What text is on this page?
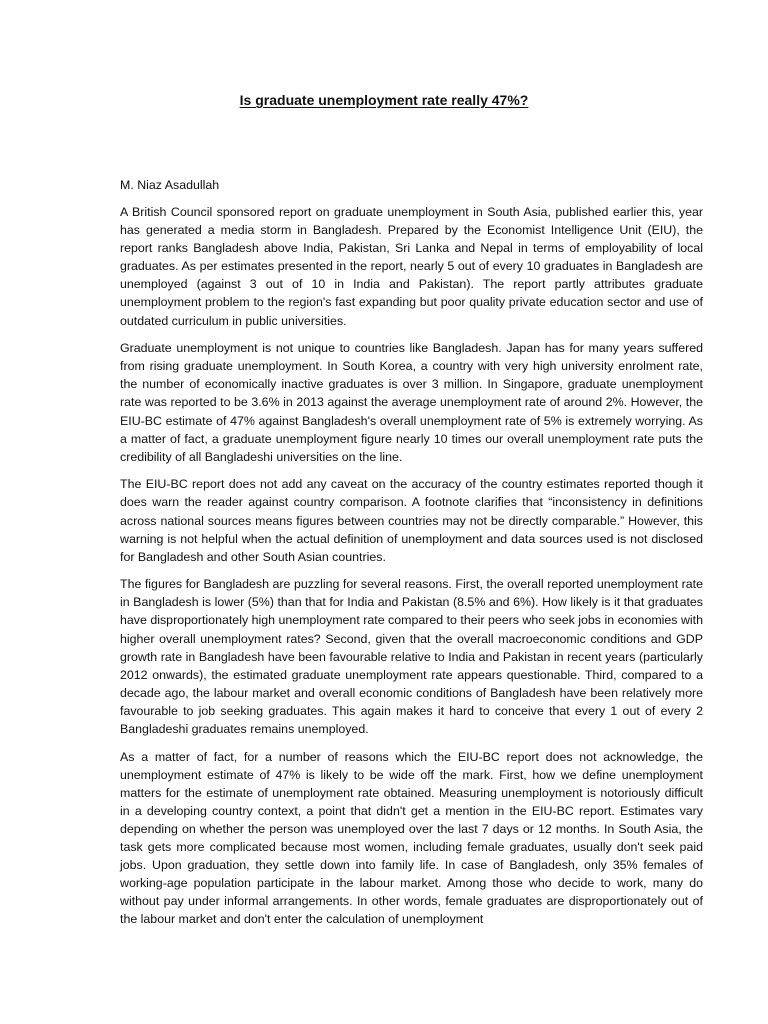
Is graduate unemployment rate really 47%?

M. Niaz Asadullah

A British Council sponsored report on graduate unemployment in South Asia, published earlier this, year has generated a media storm in Bangladesh. Prepared by the Economist Intelligence Unit (EIU), the report ranks Bangladesh above India, Pakistan, Sri Lanka and Nepal in terms of employability of local graduates. As per estimates presented in the report, nearly 5 out of every 10 graduates in Bangladesh are unemployed (against 3 out of 10 in India and Pakistan). The report partly attributes graduate unemployment problem to the region's fast expanding but poor quality private education sector and use of outdated curriculum in public universities.

Graduate unemployment is not unique to countries like Bangladesh. Japan has for many years suffered from rising graduate unemployment. In South Korea, a country with very high university enrolment rate, the number of economically inactive graduates is over 3 million. In Singapore, graduate unemployment rate was reported to be 3.6% in 2013 against the average unemployment rate of around 2%. However, the EIU-BC estimate of 47% against Bangladesh's overall unemployment rate of 5% is extremely worrying. As a matter of fact, a graduate unemployment figure nearly 10 times our overall unemployment rate puts the credibility of all Bangladeshi universities on the line.

The EIU-BC report does not add any caveat on the accuracy of the country estimates reported though it does warn the reader against country comparison. A footnote clarifies that “inconsistency in definitions across national sources means figures between countries may not be directly comparable.” However, this warning is not helpful when the actual definition of unemployment and data sources used is not disclosed for Bangladesh and other South Asian countries.

The figures for Bangladesh are puzzling for several reasons. First, the overall reported unemployment rate in Bangladesh is lower (5%) than that for India and Pakistan (8.5% and 6%). How likely is it that graduates have disproportionately high unemployment rate compared to their peers who seek jobs in economies with higher overall unemployment rates? Second, given that the overall macroeconomic conditions and GDP growth rate in Bangladesh have been favourable relative to India and Pakistan in recent years (particularly 2012 onwards), the estimated graduate unemployment rate appears questionable. Third, compared to a decade ago, the labour market and overall economic conditions of Bangladesh have been relatively more favourable to job seeking graduates. This again makes it hard to conceive that every 1 out of every 2 Bangladeshi graduates remains unemployed.

As a matter of fact, for a number of reasons which the EIU-BC report does not acknowledge, the unemployment estimate of 47% is likely to be wide off the mark. First, how we define unemployment matters for the estimate of unemployment rate obtained. Measuring unemployment is notoriously difficult in a developing country context, a point that didn't get a mention in the EIU-BC report. Estimates vary depending on whether the person was unemployed over the last 7 days or 12 months. In South Asia, the task gets more complicated because most women, including female graduates, usually don't seek paid jobs. Upon graduation, they settle down into family life. In case of Bangladesh, only 35% females of working-age population participate in the labour market. Among those who decide to work, many do without pay under informal arrangements. In other words, female graduates are disproportionately out of the labour market and don't enter the calculation of unemployment
